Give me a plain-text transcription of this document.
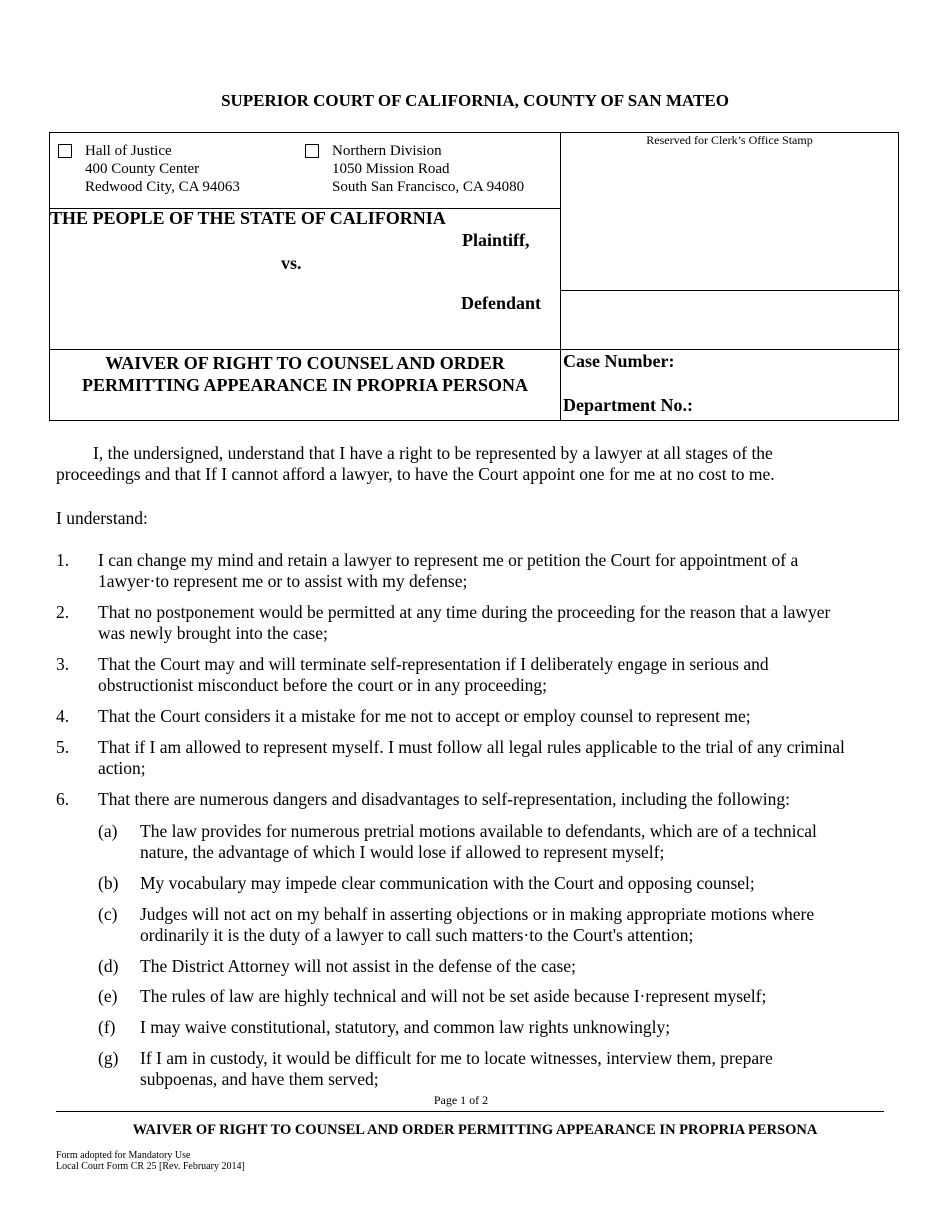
SUPERIOR COURT OF CALIFORNIA, COUNTY OF SAN MATEO
Hall of Justice
400 County Center
Redwood City, CA 94063
Northern Division
1050 Mission Road
South San Francisco, CA 94080
Reserved for Clerk’s Office Stamp
THE PEOPLE OF THE STATE OF CALIFORNIA
Plaintiff,
vs.
Defendant
WAIVER OF RIGHT TO COUNSEL AND ORDER
PERMITTING APPEARANCE IN PROPRIA PERSONA
Case Number:
Department No.:
I, the undersigned, understand that I have a right to be represented by a lawyer at all stages of the
proceedings and that If I cannot afford a lawyer, to have the Court appoint one for me at no cost to me.
I understand:
1. I can change my mind and retain a lawyer to represent me or petition the Court for appointment of a
1awyer·to represent me or to assist with my defense;
2. That no postponement would be permitted at any time during the proceeding for the reason that a lawyer
was newly brought into the case;
3. That the Court may and will terminate self-representation if I deliberately engage in serious and
obstructionist misconduct before the court or in any proceeding;
4. That the Court considers it a mistake for me not to accept or employ counsel to represent me;
5. That if I am allowed to represent myself. I must follow all legal rules applicable to the trial of any criminal
action;
6. That there are numerous dangers and disadvantages to self-representation, including the following:
(a) The law provides for numerous pretrial motions available to defendants, which are of a technical
nature, the advantage of which I would lose if allowed to represent myself;
(b) My vocabulary may impede clear communication with the Court and opposing counsel;
(c) Judges will not act on my behalf in asserting objections or in making appropriate motions where
ordinarily it is the duty of a lawyer to call such matters·to the Court's attention;
(d) The District Attorney will not assist in the defense of the case;
(e) The rules of law are highly technical and will not be set aside because I·represent myself;
(f) I may waive constitutional, statutory, and common law rights unknowingly;
(g) If I am in custody, it would be difficult for me to locate witnesses, interview them, prepare
subpoenas, and have them served;
Page 1 of 2
WAIVER OF RIGHT TO COUNSEL AND ORDER PERMITTING APPEARANCE IN PROPRIA PERSONA
Form adopted for Mandatory Use
Local Court Form CR 25 [Rev. February 2014]
